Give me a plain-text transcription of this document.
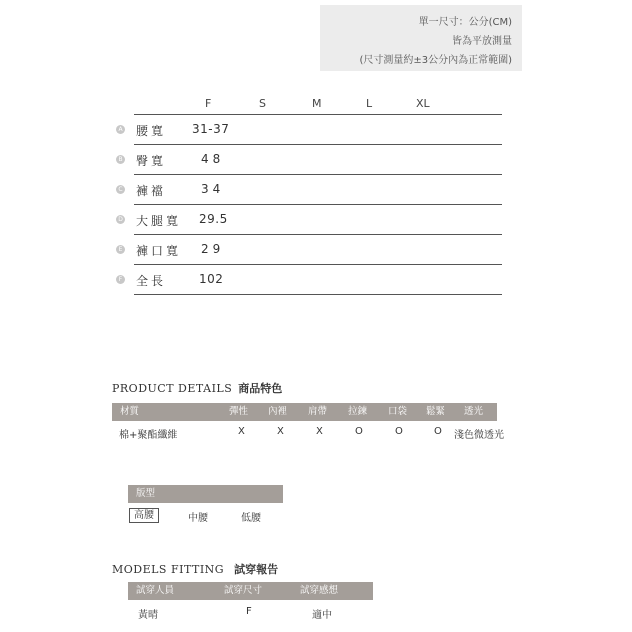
單一尺寸：公分(CM)
皆為平放測量
(尺寸測量約±3公分內為正常範圍)
F	S	M	L	XL
A 腰寬 31-37
B 臀寬	48
C 褲襠	34
D 大腿寬 29.5
E 褲口寬 29
F 全長	102
PRODUCT DETAILS 商品特色
材質	彈性 內裡 肩帶 拉鍊 口袋 鬆緊 透光
棉+聚酯纖維	X	X	X	O	O	O 淺色微透光
版型
高腰	中腰	低腰
MODELS FITTING 試穿報告
試穿人員	試穿尺寸	試穿感想
黃晴	F	適中
